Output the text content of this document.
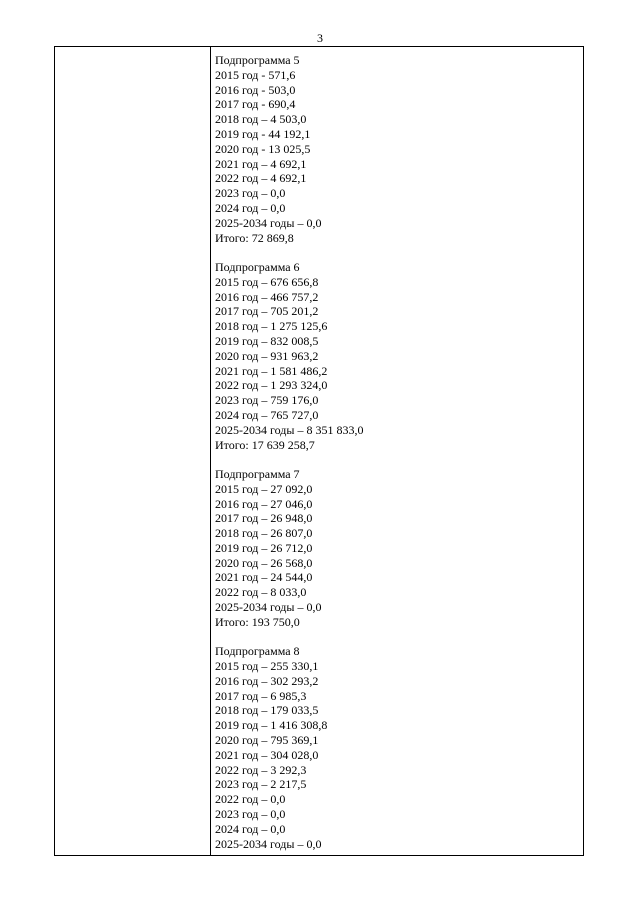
3
Подпрограмма 5
2015 год - 571,6
2016 год - 503,0
2017 год - 690,4
2018 год – 4 503,0
2019 год - 44 192,1
2020 год - 13 025,5
2021 год – 4 692,1
2022 год – 4 692,1
2023 год – 0,0
2024 год – 0,0
2025-2034 годы – 0,0
Итого: 72 869,8
Подпрограмма 6
2015 год – 676 656,8
2016 год – 466 757,2
2017 год – 705 201,2
2018 год – 1 275 125,6
2019 год – 832 008,5
2020 год – 931 963,2
2021 год – 1 581 486,2
2022 год – 1 293 324,0
2023 год – 759 176,0
2024 год – 765 727,0
2025-2034 годы – 8 351 833,0
Итого: 17 639 258,7
Подпрограмма 7
2015 год – 27 092,0
2016 год – 27 046,0
2017 год – 26 948,0
2018 год – 26 807,0
2019 год – 26 712,0
2020 год – 26 568,0
2021 год – 24 544,0
2022 год – 8 033,0
2025-2034 годы – 0,0
Итого: 193 750,0
Подпрограмма 8
2015 год – 255 330,1
2016 год – 302 293,2
2017 год – 6 985,3
2018 год – 179 033,5
2019 год – 1 416 308,8
2020 год – 795 369,1
2021 год – 304 028,0
2022 год – 3 292,3
2023 год – 2 217,5
2022 год – 0,0
2023 год – 0,0
2024 год – 0,0
2025-2034 годы – 0,0
